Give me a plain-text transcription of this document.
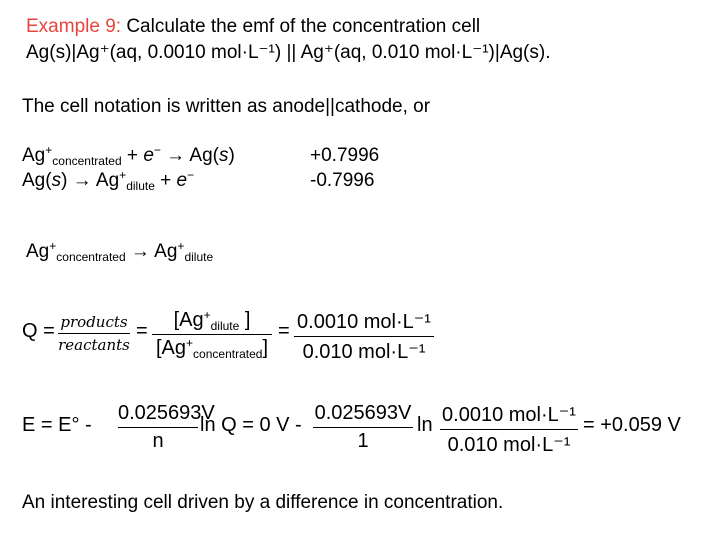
Example 9: Calculate the emf of the concentration cell
Ag(s)|Ag⁺(aq, 0.0010 mol·L⁻¹) || Ag⁺(aq, 0.010 mol·L⁻¹)|Ag(s).
The cell notation is written as anode||cathode, or
$Ag^+_{concentrated} + e^- \to Ag(s)$	+0.7996
$Ag(s) \to Ag^+_{dilute} + e^-$	-0.7996
$Ag^+_{concentrated} \to Ag^+_{dilute}$
Q = products
reactants
=	[$Ag^+_{dilute}$ ]
$[Ag^+_{concentrated}]$
= 0.0010 mol·L⁻¹
0.010 mol·L⁻¹
E = E° -
0.025693V
n
ln Q = 0 V -
0.025693V
1
ln 0.0010 mol·L⁻¹
0.010 mol·L⁻¹
= +0.059 V
An interesting cell driven by a difference in concentration.
